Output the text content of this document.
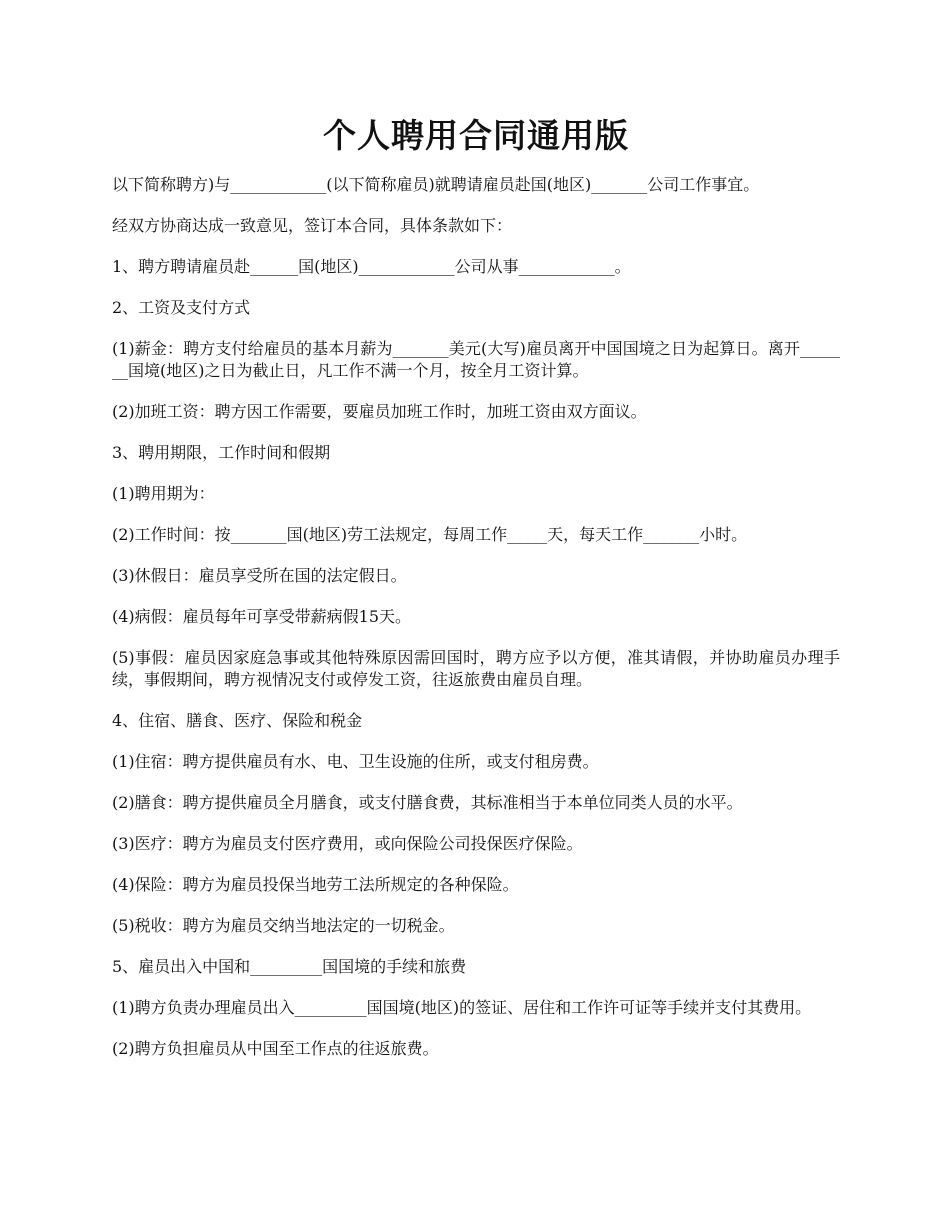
个人聘用合同通用版

以下简称聘方)与____________(以下简称雇员)就聘请雇员赴国(地区)_______公司工作事宜。

经双方协商达成一致意见，签订本合同，具体条款如下：

1、聘方聘请雇员赴______国(地区)____________公司从事____________。

2、工资及支付方式

(1)薪金：聘方支付给雇员的基本月薪为_______美元(大写)雇员离开中国国境之日为起算日。离开_______国境(地区)之日为截止日，凡工作不满一个月，按全月工资计算。

(2)加班工资：聘方因工作需要，要雇员加班工作时，加班工资由双方面议。

3、聘用期限，工作时间和假期

(1)聘用期为：

(2)工作时间：按_______国(地区)劳工法规定，每周工作_____天，每天工作_______小时。

(3)休假日：雇员享受所在国的法定假日。

(4)病假：雇员每年可享受带薪病假15天。

(5)事假：雇员因家庭急事或其他特殊原因需回国时，聘方应予以方便，准其请假，并协助雇员办理手续，事假期间，聘方视情况支付或停发工资，往返旅费由雇员自理。

4、住宿、膳食、医疗、保险和税金

(1)住宿：聘方提供雇员有水、电、卫生设施的住所，或支付租房费。

(2)膳食：聘方提供雇员全月膳食，或支付膳食费，其标准相当于本单位同类人员的水平。

(3)医疗：聘方为雇员支付医疗费用，或向保险公司投保医疗保险。

(4)保险：聘方为雇员投保当地劳工法所规定的各种保险。

(5)税收：聘方为雇员交纳当地法定的一切税金。

5、雇员出入中国和_________国国境的手续和旅费

(1)聘方负责办理雇员出入_________国国境(地区)的签证、居住和工作许可证等手续并支付其费用。

(2)聘方负担雇员从中国至工作点的往返旅费。
